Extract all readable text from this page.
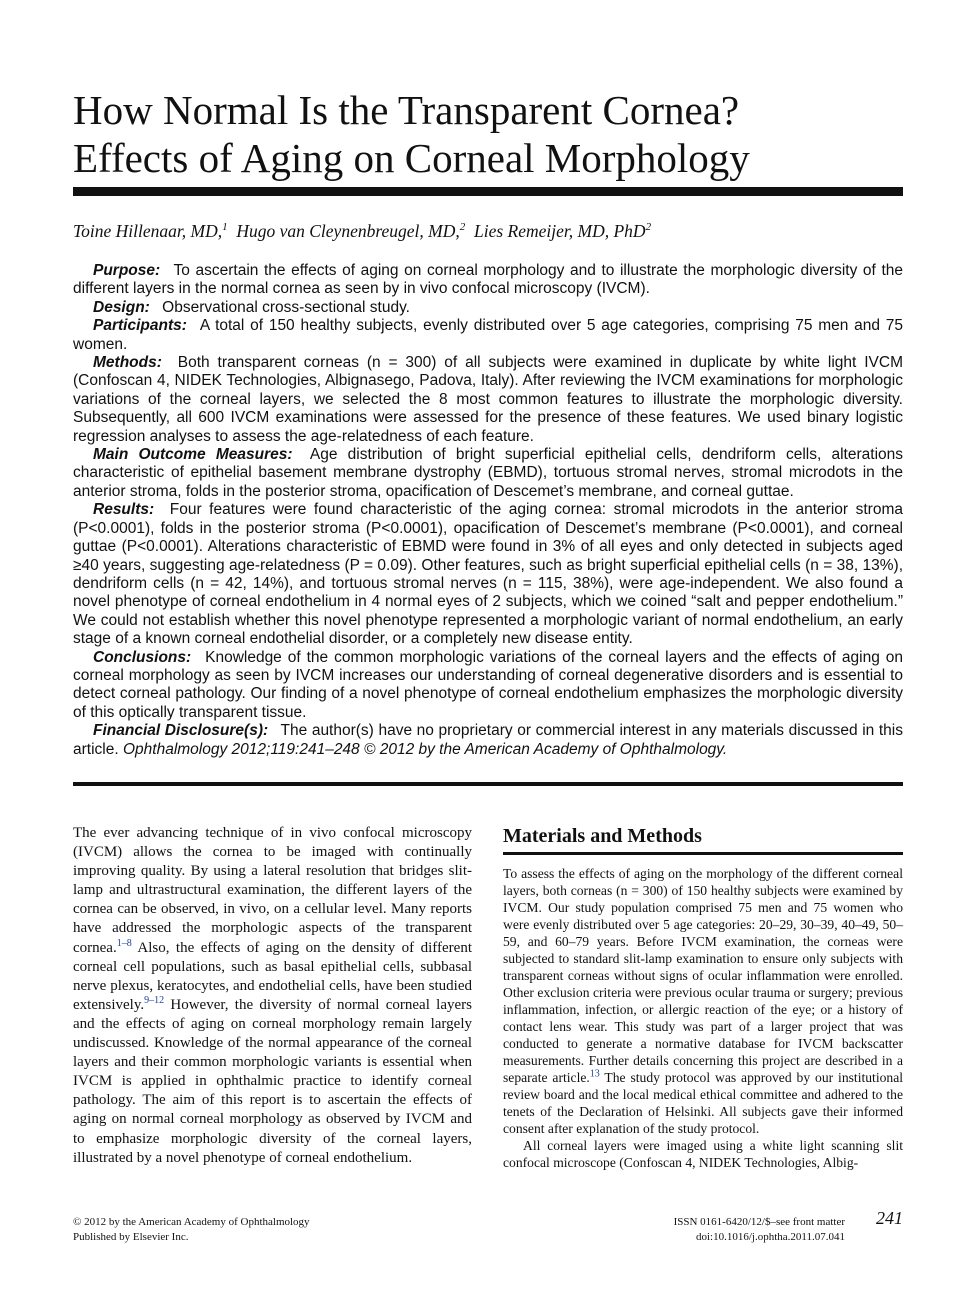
How Normal Is the Transparent Cornea?
Effects of Aging on Corneal Morphology
Toine Hillenaar, MD,$^1$ Hugo van Cleynenbreugel, MD,$^2$ Lies Remeijer, MD, PhD$^2$

Purpose: To ascertain the effects of aging on corneal morphology and to illustrate the morphologic diversity of the different layers in the normal cornea as seen by in vivo confocal microscopy (IVCM).

Design: Observational cross-sectional study.

Participants: A total of 150 healthy subjects, evenly distributed over 5 age categories, comprising 75 men and 75 women.

Methods: Both transparent corneas (n = 300) of all subjects were examined in duplicate by white light IVCM (Confoscan 4, NIDEK Technologies, Albignasego, Padova, Italy). After reviewing the IVCM examinations for morphologic variations of the corneal layers, we selected the 8 most common features to illustrate the morphologic diversity. Subsequently, all 600 IVCM examinations were assessed for the presence of these features. We used binary logistic regression analyses to assess the age-relatedness of each feature.

Main Outcome Measures: Age distribution of bright superficial epithelial cells, dendriform cells, alterations characteristic of epithelial basement membrane dystrophy (EBMD), tortuous stromal nerves, stromal microdots in the anterior stroma, folds in the posterior stroma, opacification of Descemet’s membrane, and corneal guttae.

Results: Four features were found characteristic of the aging cornea: stromal microdots in the anterior stroma (P<0.0001), folds in the posterior stroma (P<0.0001), opacification of Descemet’s membrane (P<0.0001), and corneal guttae (P<0.0001). Alterations characteristic of EBMD were found in 3% of all eyes and only detected in subjects aged ≥40 years, suggesting age-relatedness (P = 0.09). Other features, such as bright superficial epithelial cells (n = 38, 13%), dendriform cells (n = 42, 14%), and tortuous stromal nerves (n = 115, 38%), were age-independent. We also found a novel phenotype of corneal endothelium in 4 normal eyes of 2 subjects, which we coined “salt and pepper endothelium.” We could not establish whether this novel phenotype represented a morphologic variant of normal endothelium, an early stage of a known corneal endothelial disorder, or a completely new disease entity.

Conclusions: Knowledge of the common morphologic variations of the corneal layers and the effects of aging on corneal morphology as seen by IVCM increases our understanding of corneal degenerative disorders and is essential to detect corneal pathology. Our finding of a novel phenotype of corneal endothelium emphasizes the morphologic diversity of this optically transparent tissue.

Financial Disclosure(s): The author(s) have no proprietary or commercial interest in any materials discussed in this article. Ophthalmology 2012;119:241–248 © 2012 by the American Academy of Ophthalmology.

The ever advancing technique of in vivo confocal microscopy (IVCM) allows the cornea to be imaged with continually improving quality. By using a lateral resolution that bridges slit-lamp and ultrastructural examination, the different layers of the cornea can be observed, in vivo, on a cellular level. Many reports have addressed the morphologic aspects of the transparent cornea.$^{1-8}$ Also, the effects of aging on the density of different corneal cell populations, such as basal epithelial cells, subbasal nerve plexus, keratocytes, and endothelial cells, have been studied extensively.$^{9-12}$ However, the diversity of normal corneal layers and the effects of aging on corneal morphology remain largely undiscussed. Knowledge of the normal appearance of the corneal layers and their common morphologic variants is essential when IVCM is applied in ophthalmic practice to identify corneal pathology. The aim of this report is to ascertain the effects of aging on normal corneal morphology as observed by IVCM and to emphasize morphologic diversity of the corneal layers, illustrated by a novel phenotype of corneal endothelium.

Materials and Methods

To assess the effects of aging on the morphology of the different corneal layers, both corneas (n = 300) of 150 healthy subjects were examined by IVCM. Our study population comprised 75 men and 75 women who were evenly distributed over 5 age categories: 20–29, 30–39, 40–49, 50–59, and 60–79 years. Before IVCM examination, the corneas were subjected to standard slit-lamp examination to ensure only subjects with transparent corneas without signs of ocular inflammation were enrolled. Other exclusion criteria were previous ocular trauma or surgery; previous inflammation, infection, or allergic reaction of the eye; or a history of contact lens wear. This study was part of a larger project that was conducted to generate a normative database for IVCM backscatter measurements. Further details concerning this project are described in a separate article.$^{13}$ The study protocol was approved by our institutional review board and the local medical ethical committee and adhered to the tenets of the Declaration of Helsinki. All subjects gave their informed consent after explanation of the study protocol.

All corneal layers were imaged using a white light scanning slit confocal microscope (Confoscan 4, NIDEK Technologies, Albig-

© 2012 by the American Academy of Ophthalmology
Published by Elsevier Inc.
ISSN 0161-6420/12/$–see front matter
doi:10.1016/j.ophtha.2011.07.041
241
